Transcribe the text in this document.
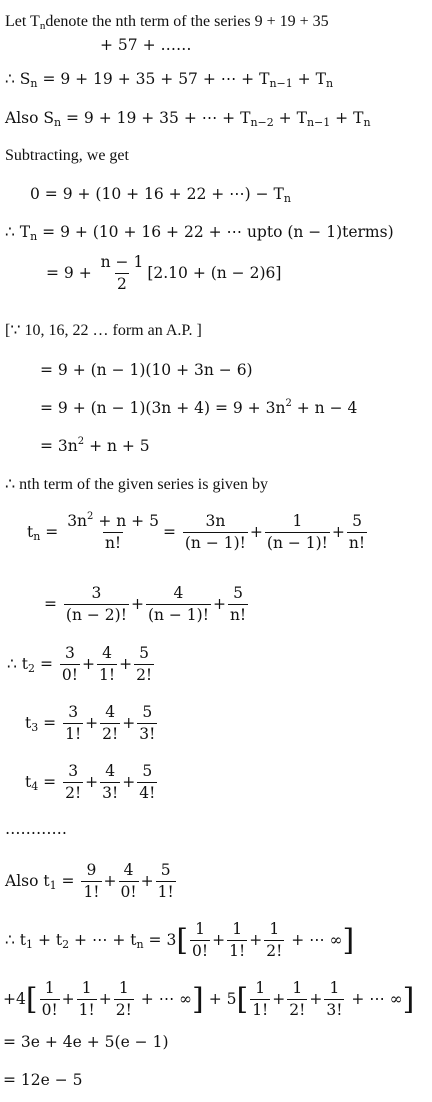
Let $T_ndenote$ the nth term of the series 9 + 19 + 35
+ 57 + ……
∴ $S_n = 9 + 19 + 35 + 57$ + ⋯ + $T_{n-1} + T_n$
Also $S_n = 9 + 19 + 35$ + ⋯ + $T_{n-2} + T_{n-1} + T_n$
Subtracting, we get
0 = 9 + (10 + 16 + 22 + ⋯) − $T_n$
∴ $T_n = 9 + (10 + 16 + 22$ + ⋯ upto (n − 1)terms)
= $9 + \frac{n - 1}{2} [2.10 + (n - 2)6]$
[∵ 10, 16, 22 … form an A.P. ]
= 9 + (n − 1)(10 + 3n − 6)
= $9 + (n - 1)(3n + 4) = 9 + 3n^2 + n - 4$
= $3n^2 + n + 5$
∴ nth term of the given series is given by
$t_n = \frac{3n^2 + n + 5}{n!} = \frac{3n}{(n - 1)!} + \frac{1}{(n - 1)!} + \frac{5}{n!}$
= $\frac{3}{(n - 2)!} + \frac{4}{(n - 1)!} + \frac{5}{n!}$
∴ $t_2 = \frac{3}{0!} + \frac{4}{1!} + \frac{5}{2!}$
$t_3 = \frac{3}{1!} + \frac{4}{2!} + \frac{5}{3!}$
$t_4 = \frac{3}{2!} + \frac{4}{3!} + \frac{5}{4!}$
…………
Also $t_1 = \frac{9}{1!} + \frac{4}{0!} + \frac{5}{1!}$
∴ $t_1 + t_2$ + ⋯ + $t_n = 3[ \frac{1}{0!} + \frac{1}{1!} + \frac{1}{2!}$ + ⋯ ∞]
$+4[ \frac{1}{0!} + \frac{1}{1!} + \frac{1}{2!}$ + ⋯ ∞] + $5[ \frac{1}{1!} + \frac{1}{2!} + \frac{1}{3!}$ + ⋯ ∞]
= 3e + 4e + 5(e − 1)
= 12e − 5
